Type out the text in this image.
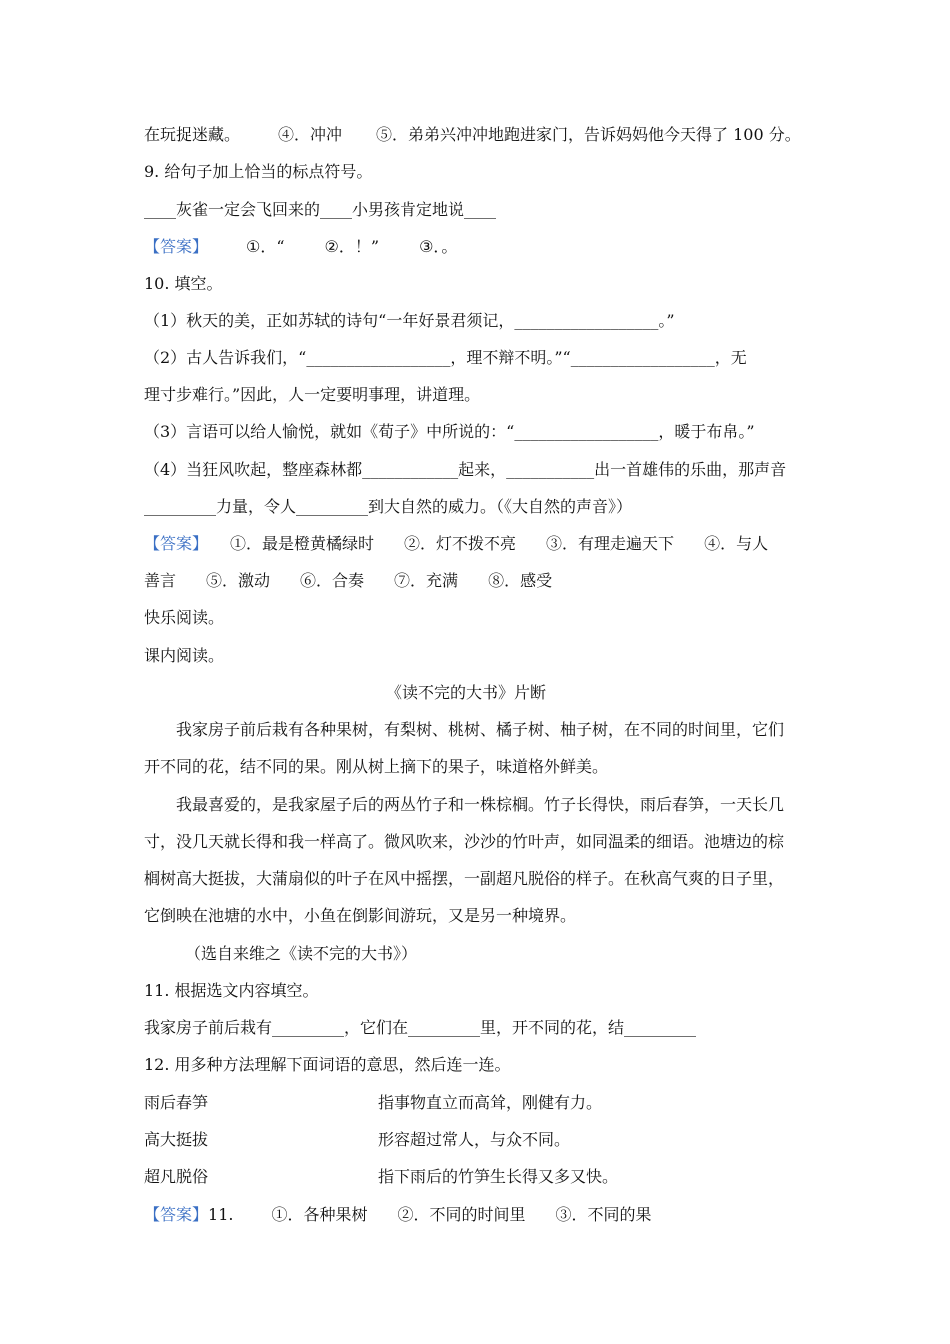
在玩捉迷藏。 ④．冲冲 ⑤．弟弟兴冲冲地跑进家门，告诉妈妈他今天得了 100 分。
9. 给句子加上恰当的标点符号。
____灰雀一定会飞回来的____小男孩肯定地说____
【答案】 ①．“	②．！”	③．。
10. 填空。
（1）秋天的美，正如苏轼的诗句“一年好景君须记，__________________。”
（2）古人告诉我们，“__________________，理不辩不明。”“__________________，无
理寸步难行。”因此，人一定要明事理，讲道理。
（3）言语可以给人愉悦，就如《荀子》中所说的：“__________________，暖于布帛。”
（4）当狂风吹起，整座森林都____________起来，___________出一首雄伟的乐曲，那声音
_________力量，令人_________到大自然的威力。（《大自然的声音》）
【答案】 ①．最是橙黄橘绿时 ②．灯不拨不亮 ③．有理走遍天下 ④．与人
善言 ⑤．激动 ⑥．合奏 ⑦．充满 ⑧．感受
快乐阅读。
课内阅读。
《读不完的大书》片断
我家房子前后栽有各种果树，有梨树、桃树、橘子树、柚子树，在不同的时间里，它们
开不同的花，结不同的果。刚从树上摘下的果子，味道格外鲜美。
我最喜爱的，是我家屋子后的两丛竹子和一株棕榈。竹子长得快，雨后春笋，一天长几
寸，没几天就长得和我一样高了。微风吹来，沙沙的竹叶声，如同温柔的细语。池塘边的棕
榈树高大挺拔，大蒲扇似的叶子在风中摇摆，一副超凡脱俗的样子。在秋高气爽的日子里，
它倒映在池塘的水中，小鱼在倒影间游玩，又是另一种境界。
（选自来维之《读不完的大书》）
11. 根据选文内容填空。
我家房子前后栽有_________，它们在_________里，开不同的花，结_________
12. 用多种方法理解下面词语的意思，然后连一连。
雨后春笋	指事物直立而高耸，刚健有力。
高大挺拔	形容超过常人，与众不同。
超凡脱俗	指下雨后的竹笋生长得又多又快。
【答案】11. ①．各种果树 ②．不同的时间里 ③．不同的果
